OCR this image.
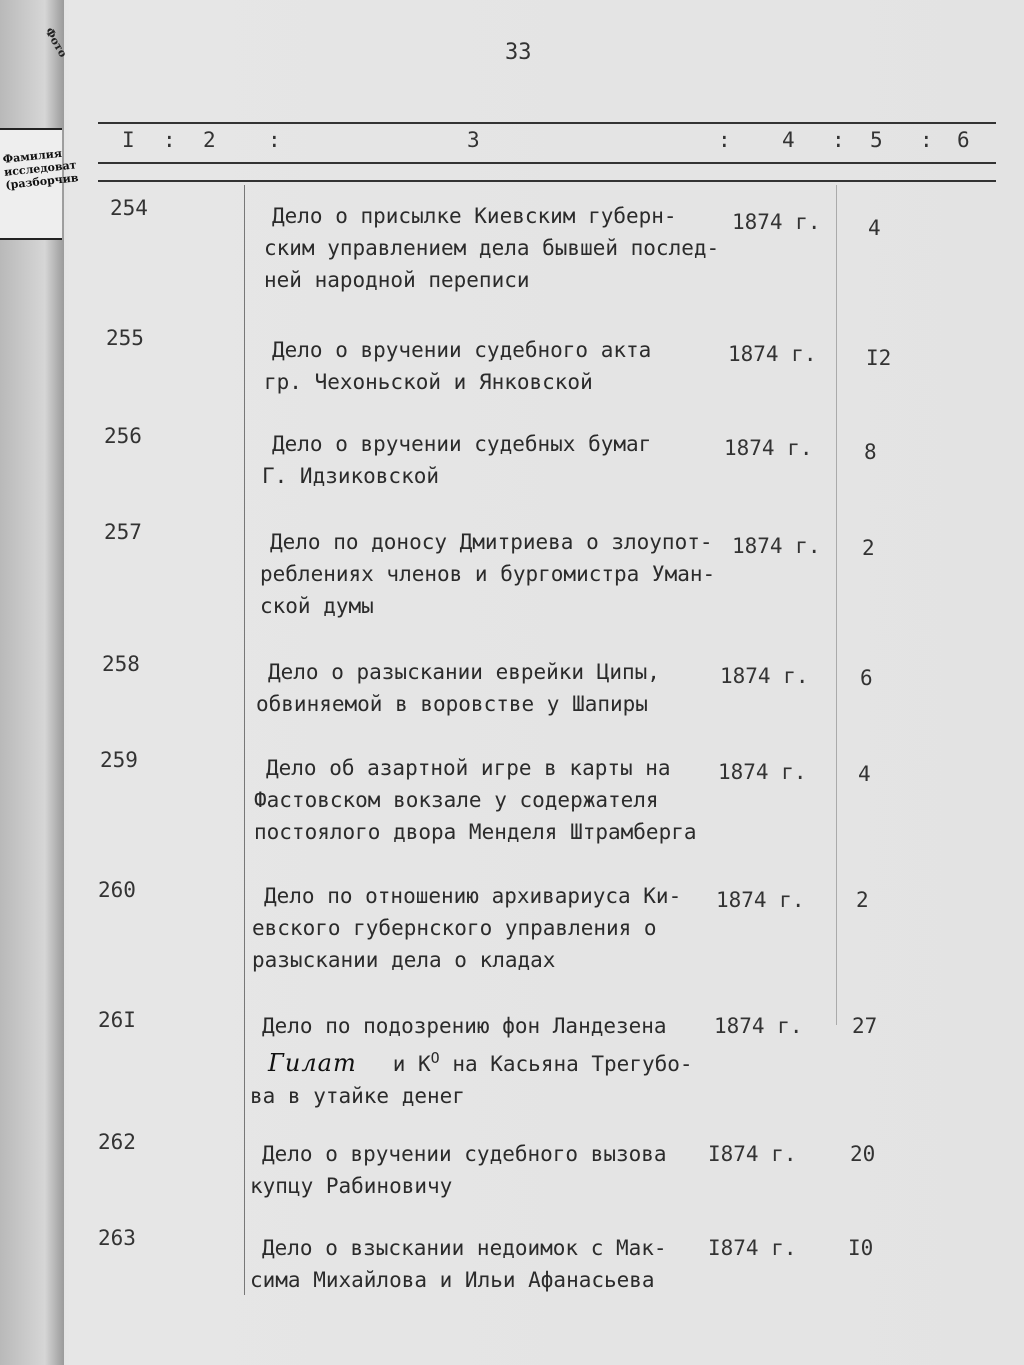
Фото
Фамилия исследоват (разборчив
33
I : 2 :	3	: 4 : 5 : 6
254	Дело о присылке Киевским губерн-
ским управлением дела бывшей послед-
ней народной переписи
1874 г. 4
255	Дело о вручении судебного акта
гр. Чехоньской и Янковской
1874 г. I2
256	Дело о вручении судебных бумаг
Г. Идзиковской
1874 г. 8
257	Дело по доносу Дмитриева о злоупот-
реблениях членов и бургомистра Уман-
ской думы
1874 г. 2
258	Дело о разыскании еврейки Ципы,
обвиняемой в воровстве у Шапиры
1874 г. 6
259	Дело об азартной игре в карты на
Фастовском вокзале у содержателя
постоялого двора Менделя Штрамберга
1874 г. 4
260	Дело по отношению архивариуса Ки-
евского губернского управления о
разыскании дела о кладах
1874 г. 2
26I	Дело по подозрению фон Ландезена
Гилат и $К^О$ на Касьяна Трегубо-
ва в утайке денег
1874 г. 27
262	Дело о вручении судебного вызова
купцу Рабиновичу
I874 г.	20
263	Дело о взыскании недоимок с Мак-
сима Михайлова и Ильи Афанасьева
I874 г. I0
